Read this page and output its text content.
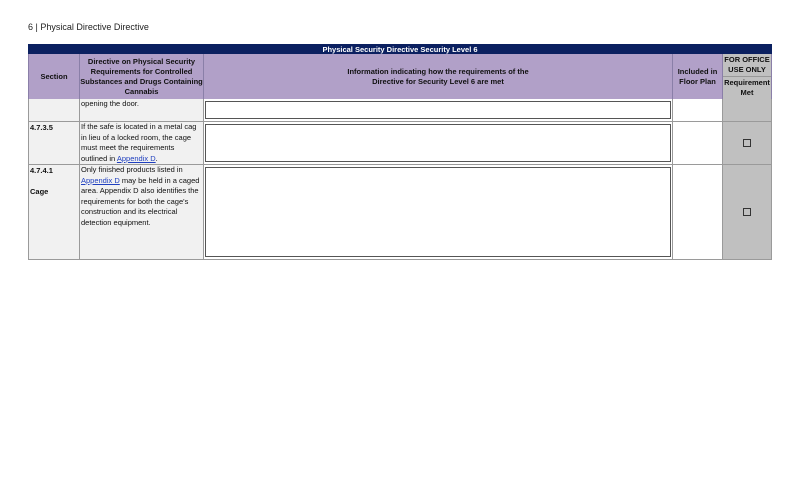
6 | Physical Directive Directive
Physical Security Directive Security Level 6
Section
Directive on Physical Security Requirements for Controlled Substances and Drugs Containing Cannabis
Information indicating how the requirements of the Directive for Security Level 6 are met
Included in Floor Plan
FOR OFFICE USE ONLY
Requirement Met
opening the door.
4.7.3.5	If the safe is located in a metal cag in lieu of a locked room, the cage must meet the requirements outlined in Appendix D.
4.7.4.1
Cage
Only finished products listed in Appendix D may be held in a caged area. Appendix D also identifies the requirements for both the cage's construction and its electrical detection equipment.
